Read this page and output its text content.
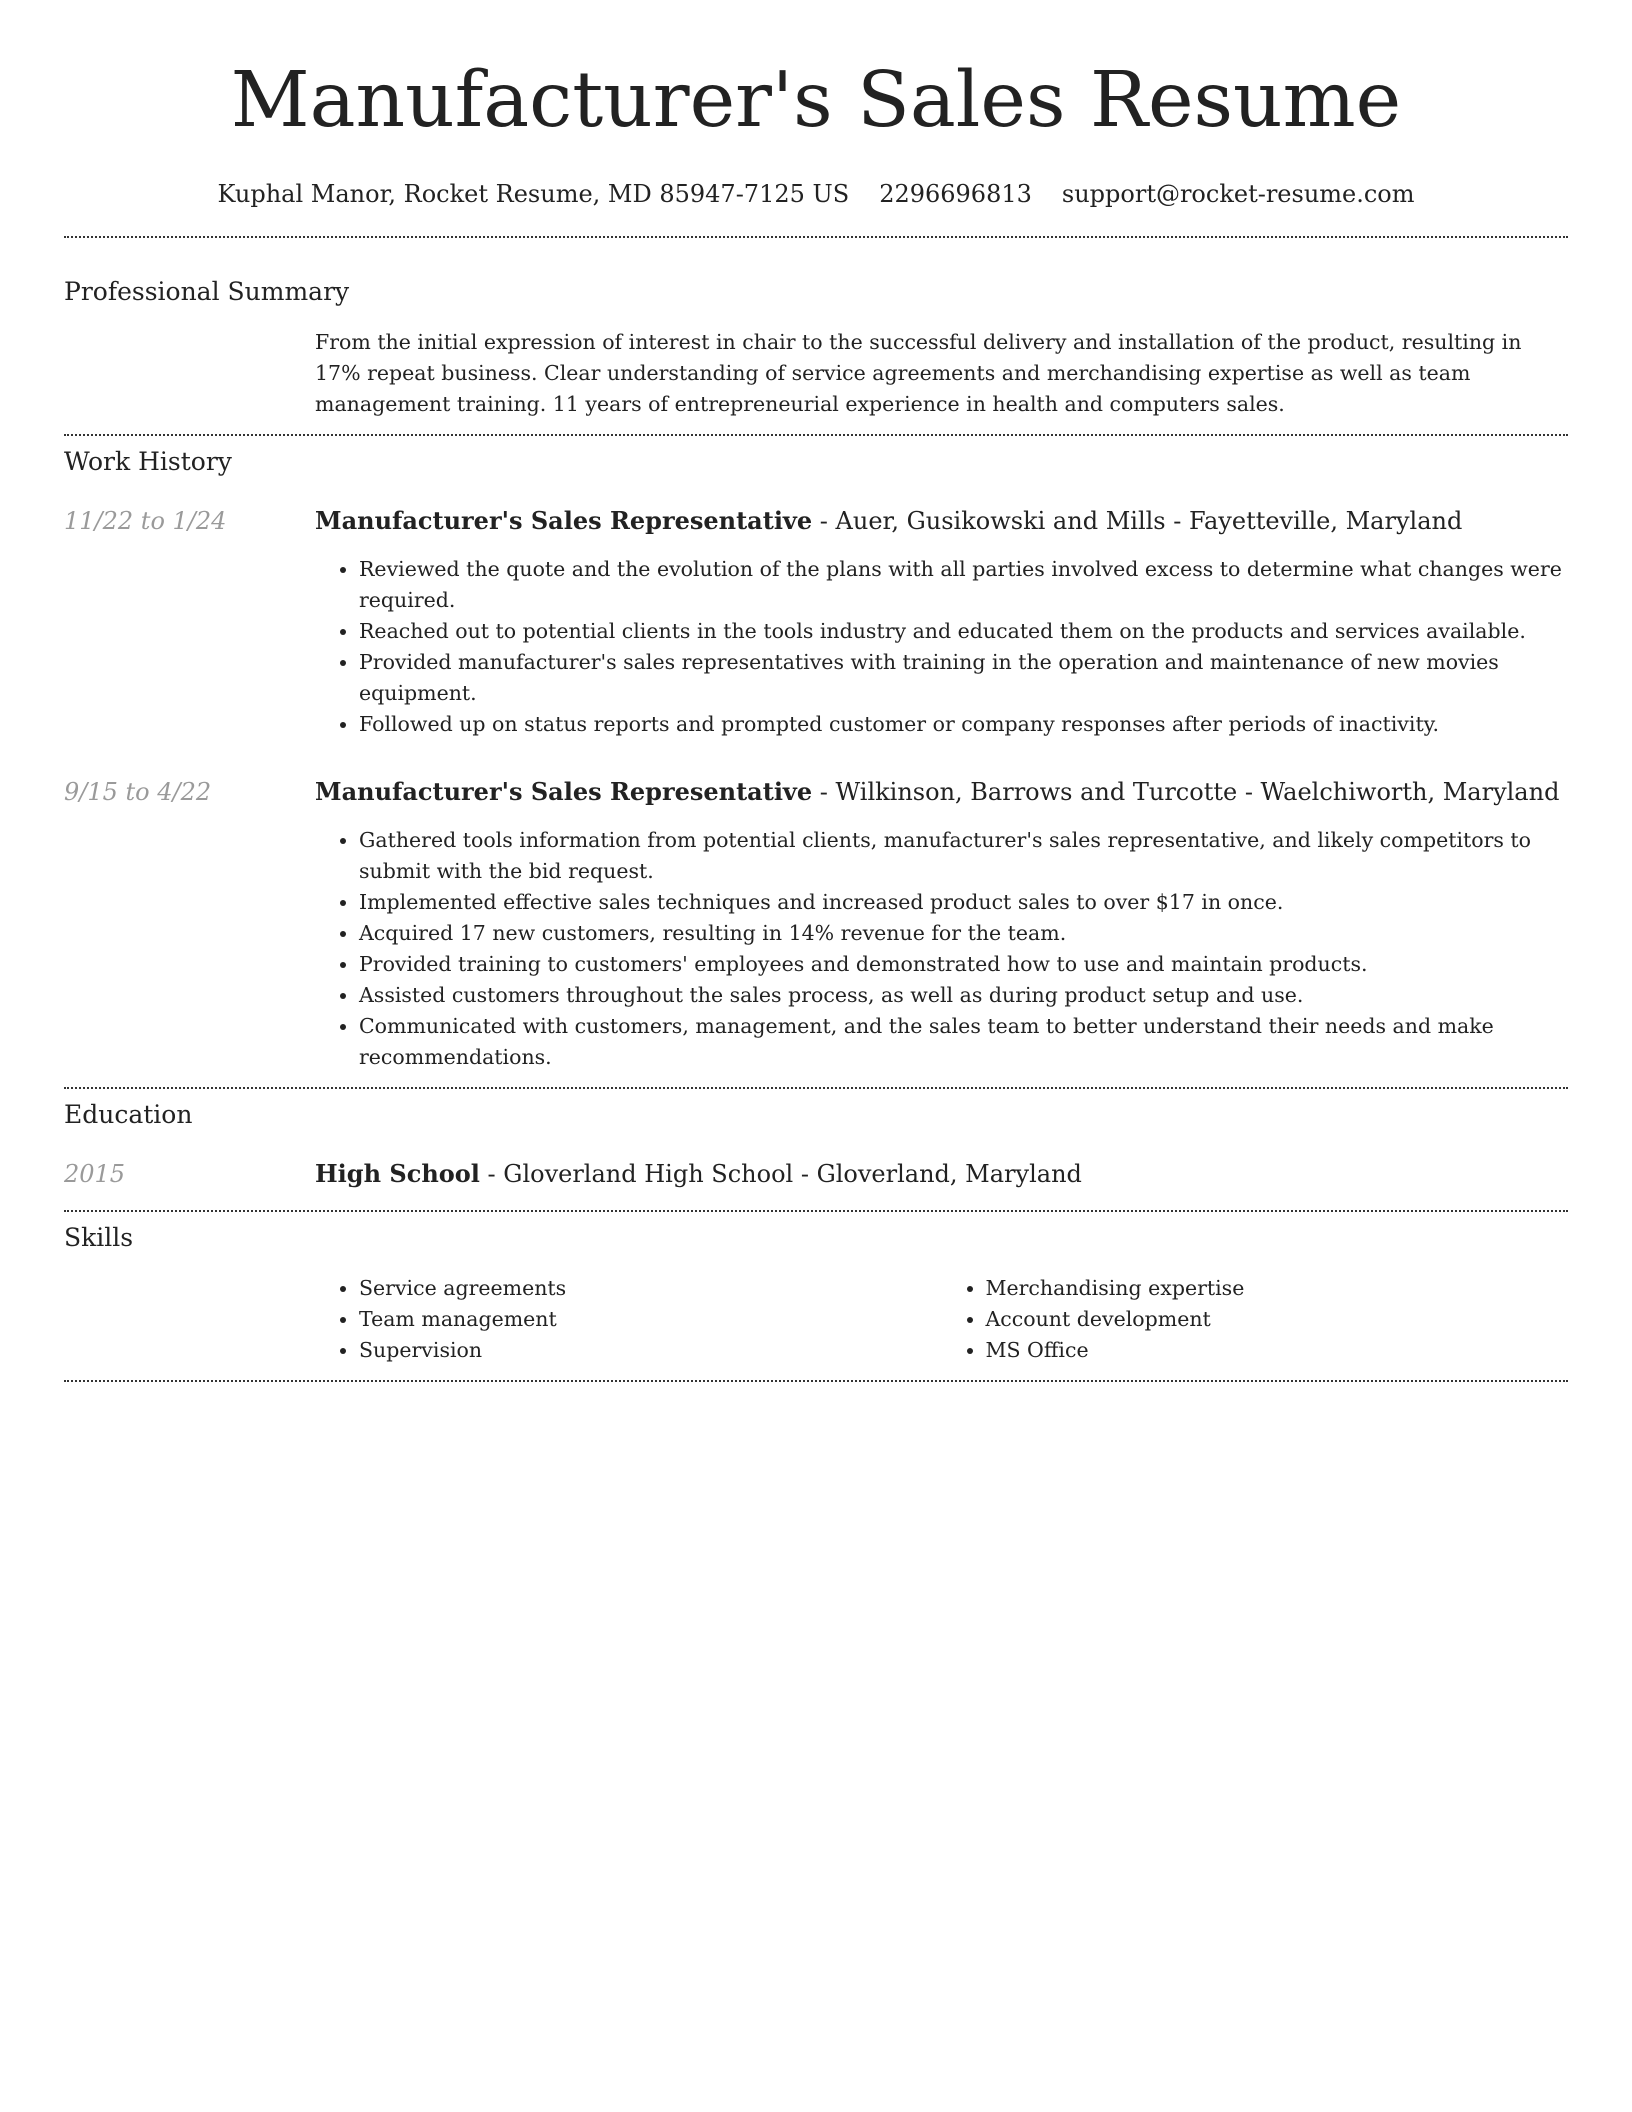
Manufacturer's Sales Resume
Kuphal Manor, Rocket Resume, MD 85947-7125 US 2296696813 support@rocket-resume.com
Professional Summary
From the initial expression of interest in chair to the successful delivery and installation of the product, resulting in 17% repeat business. Clear understanding of service agreements and merchandising expertise as well as team management training. 11 years of entrepreneurial experience in health and computers sales.
Work History
11/22 to 1/24	Manufacturer's Sales Representative - Auer, Gusikowski and Mills - Fayetteville, Maryland
• Reviewed the quote and the evolution of the plans with all parties involved excess to determine what changes were required.
• Reached out to potential clients in the tools industry and educated them on the products and services available.
• Provided manufacturer's sales representatives with training in the operation and maintenance of new movies equipment.
• Followed up on status reports and prompted customer or company responses after periods of inactivity.
9/15 to 4/22	Manufacturer's Sales Representative - Wilkinson, Barrows and Turcotte - Waelchiworth, Maryland
• Gathered tools information from potential clients, manufacturer's sales representative, and likely competitors to submit with the bid request.
• Implemented effective sales techniques and increased product sales to over $17 in once.
• Acquired 17 new customers, resulting in 14% revenue for the team.
• Provided training to customers' employees and demonstrated how to use and maintain products.
• Assisted customers throughout the sales process, as well as during product setup and use.
• Communicated with customers, management, and the sales team to better understand their needs and make recommendations.
Education
2015	High School - Gloverland High School - Gloverland, Maryland
Skills
• Service agreements
• Team management
• Supervision
• Merchandising expertise
• Account development
• MS Office
